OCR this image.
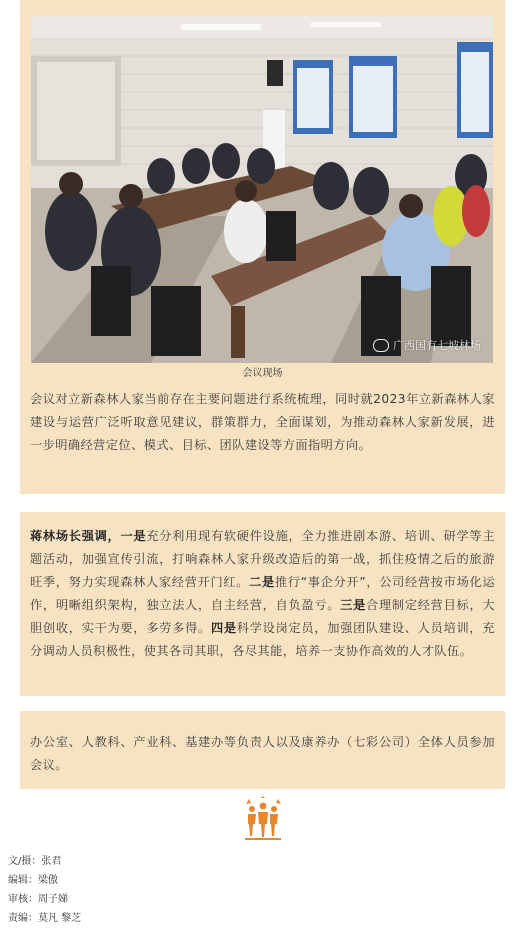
广西国有七坡林场
会议现场

会议对立新森林人家当前存在主要问题进行系统梳理，同时就2023年立新森林人家建设与运营广泛听取意见建议，群策群力，全面谋划，为推动森林人家新发展，进一步明确经营定位、模式、目标、团队建设等方面指明方向。

蒋林场长强调，一是充分利用现有软硬件设施，全力推进剧本游、培训、研学等主题活动，加强宣传引流，打响森林人家升级改造后的第一战，抓住疫情之后的旅游旺季，努力实现森林人家经营开门红。二是推行“事企分开”，公司经营按市场化运作，明晰组织架构，独立法人，自主经营，自负盈亏。三是合理制定经营目标，大胆创收，实干为要，多劳多得。四是科学设岗定员，加强团队建设、人员培训，充分调动人员积极性，使其各司其职，各尽其能，培养一支协作高效的人才队伍。

办公室、人教科、产业科、基建办等负责人以及康养办（七彩公司）全体人员参加会议。

文/摄：张君
编辑：梁傲
审核：周子娣
责编：莫凡 黎芝
